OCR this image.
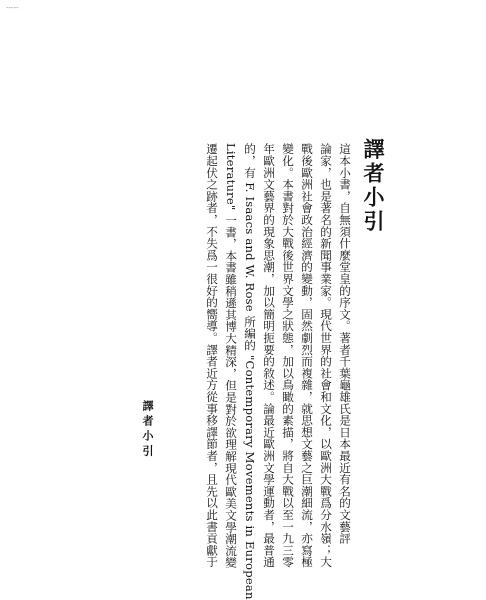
-----
譯者小引
這本小書，自無須什麼堂皇的序文。著者千葉龜雄氏是日本最近有名的文藝評
論家，也是著名的新聞事業家。現代世界的社會和文化，以歐洲大戰爲分水嶺；大
戰後歐洲社會政治經濟的變動，固然劇烈而複雜，就思想文藝之巨潮細流，亦寫極
變化。本書對於大戰後世界文學之狀態，加以鳥瞰的素描，將自大戰以至一九三零
年歐洲文藝界的現象思潮，加以簡明扼要的敘述。論最近歐洲文學運動者，最普通
的，有 F. Isaacs and W. Rose 所編的 "Contemporary Movements in European
Literature" 一書，本書雖稍遜其博大精深，但是對於欲理解現代歐美文學潮流變
遷起伏之跡者，不失爲一很好的嚮導。譯者近方從事移譯節者，且先以此書貢獻于
譯者小引
